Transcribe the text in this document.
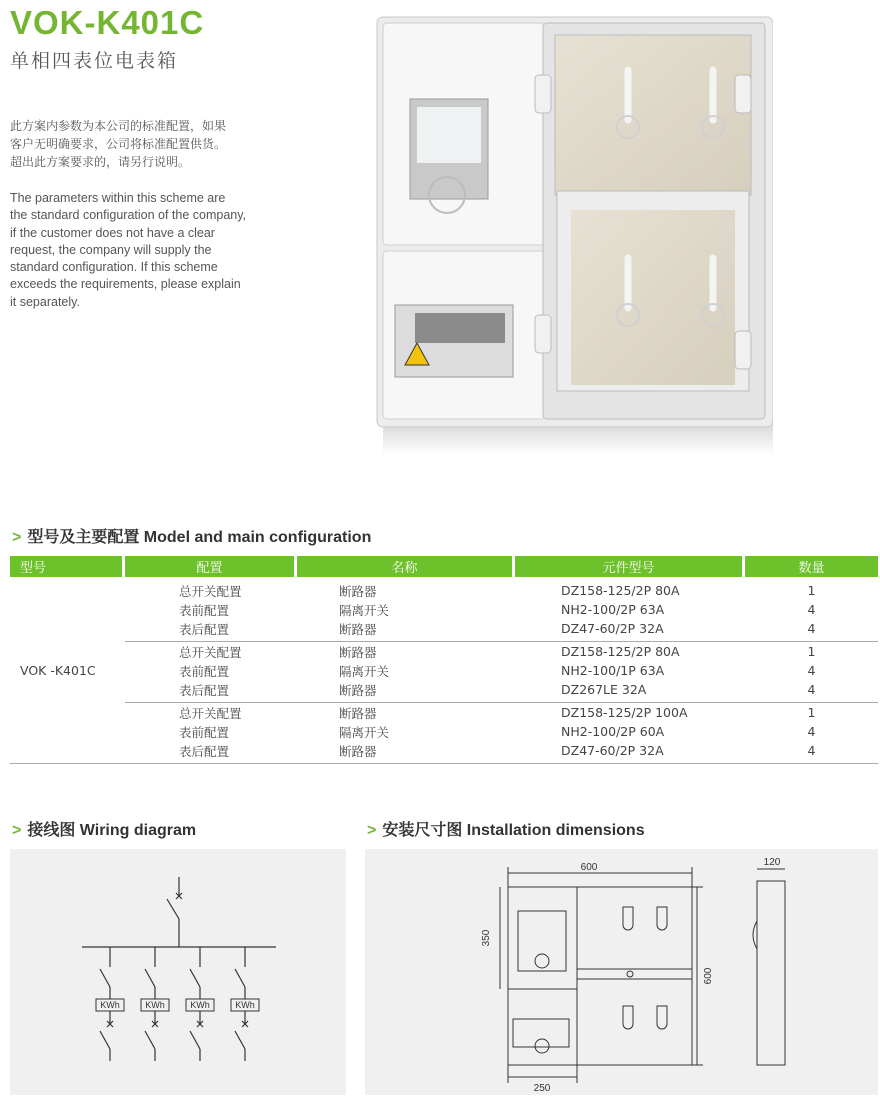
VOK-K401C
单相四表位电表箱
此方案内参数为本公司的标准配置，如果
客户无明确要求，公司将标准配置供货。
超出此方案要求的，请另行说明。
The parameters within this scheme are
the standard configuration of the company,
if the customer does not have a clear
request, the company will supply the
standard configuration. If this scheme
exceeds the requirements, please explain
it separately.
> 型号及主要配置 Model and main configuration
型号	配置	名称	元件型号	数量

VOK -K401C	总开关配置	断路器	DZ158-125/2P 80A	1
	表前配置	隔离开关	NH2-100/2P 63A	4
	表后配置	断路器	DZ47-60/2P 32A	4

	总开关配置	断路器	DZ158-125/2P 80A	1
	表前配置	隔离开关	NH2-100/1P 63A	4
	表后配置	断路器	DZ267LE 32A	4

	总开关配置	断路器	DZ158-125/2P 100A	1
	表前配置	隔离开关	NH2-100/2P 60A	4
	表后配置	断路器	DZ47-60/2P 32A	4

> 接线图 Wiring diagram
KWh	KWh	KWh	KWh
> 安装尺寸图 Installation dimensions
600	120
600
350
250
